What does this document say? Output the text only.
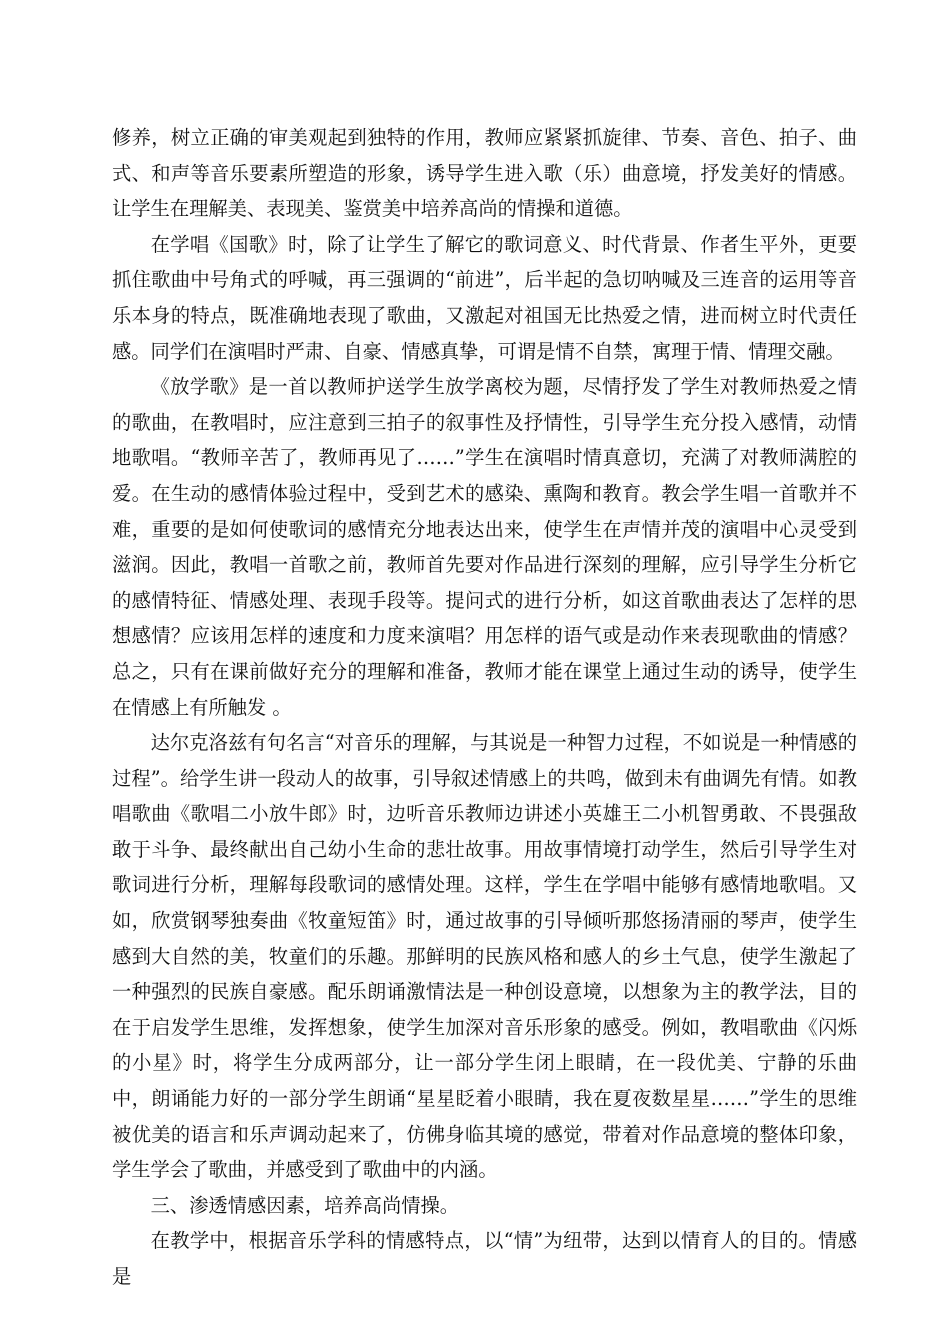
修养，树立正确的审美观起到独特的作用，教师应紧紧抓旋律、节奏、音色、拍子、曲式、和声等音乐要素所塑造的形象，诱导学生进入歌（乐）曲意境，抒发美好的情感。让学生在理解美、表现美、鉴赏美中培养高尚的情操和道德。

在学唱《国歌》时，除了让学生了解它的歌词意义、时代背景、作者生平外，更要抓住歌曲中号角式的呼喊，再三强调的“前进”，后半起的急切呐喊及三连音的运用等音乐本身的特点，既准确地表现了歌曲，又激起对祖国无比热爱之情，进而树立时代责任感。同学们在演唱时严肃、自豪、情感真挚，可谓是情不自禁，寓理于情、情理交融。

《放学歌》是一首以教师护送学生放学离校为题，尽情抒发了学生对教师热爱之情的歌曲，在教唱时，应注意到三拍子的叙事性及抒情性，引导学生充分投入感情，动情地歌唱。“教师辛苦了，教师再见了……”学生在演唱时情真意切，充满了对教师满腔的爱。在生动的感情体验过程中，受到艺术的感染、熏陶和教育。教会学生唱一首歌并不难，重要的是如何使歌词的感情充分地表达出来，使学生在声情并茂的演唱中心灵受到滋润。因此，教唱一首歌之前，教师首先要对作品进行深刻的理解，应引导学生分析它的感情特征、情感处理、表现手段等。提问式的进行分析，如这首歌曲表达了怎样的思想感情？应该用怎样的速度和力度来演唱？用怎样的语气或是动作来表现歌曲的情感？总之，只有在课前做好充分的理解和准备，教师才能在课堂上通过生动的诱导，使学生在情感上有所触发 。

达尔克洛兹有句名言“对音乐的理解，与其说是一种智力过程，不如说是一种情感的过程”。给学生讲一段动人的故事，引导叙述情感上的共鸣，做到未有曲调先有情。如教唱歌曲《歌唱二小放牛郎》时，边听音乐教师边讲述小英雄王二小机智勇敢、不畏强敌敢于斗争、最终献出自己幼小生命的悲壮故事。用故事情境打动学生，然后引导学生对歌词进行分析，理解每段歌词的感情处理。这样，学生在学唱中能够有感情地歌唱。又如，欣赏钢琴独奏曲《牧童短笛》时，通过故事的引导倾听那悠扬清丽的琴声，使学生感到大自然的美，牧童们的乐趣。那鲜明的民族风格和感人的乡土气息，使学生激起了一种强烈的民族自豪感。配乐朗诵激情法是一种创设意境，以想象为主的教学法，目的在于启发学生思维，发挥想象，使学生加深对音乐形象的感受。例如，教唱歌曲《闪烁的小星》时，将学生分成两部分，让一部分学生闭上眼睛，在一段优美、宁静的乐曲中，朗诵能力好的一部分学生朗诵“星星眨着小眼睛，我在夏夜数星星……”学生的思维被优美的语言和乐声调动起来了，仿佛身临其境的感觉，带着对作品意境的整体印象，学生学会了歌曲，并感受到了歌曲中的内涵。

三、渗透情感因素，培养高尚情操。

在教学中，根据音乐学科的情感特点，以“情”为纽带，达到以情育人的目的。情感是
